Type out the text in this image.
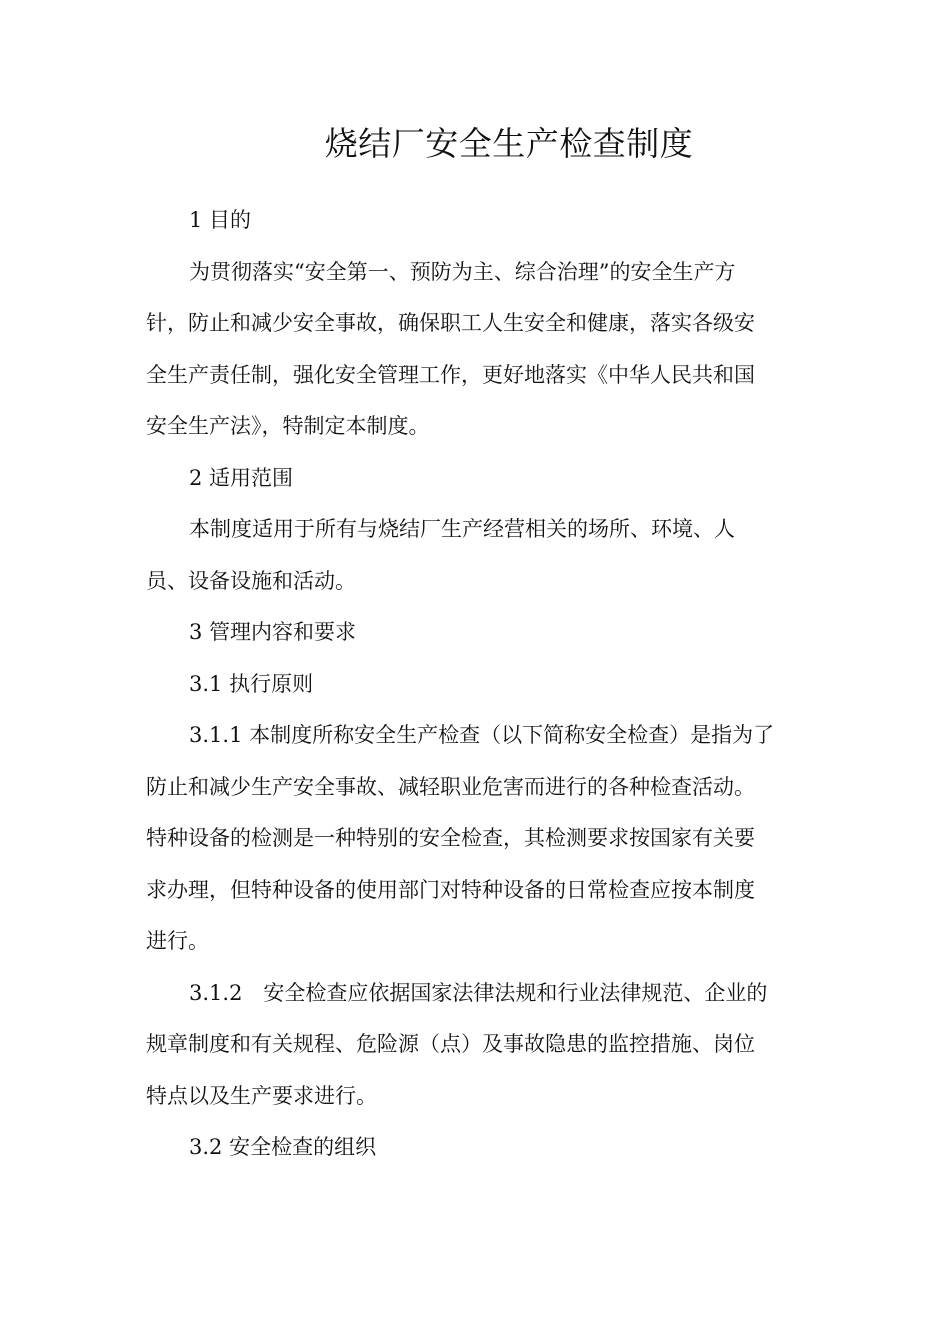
烧结厂安全生产检查制度

1 目的

为贯彻落实“安全第一、预防为主、综合治理”的安全生产方
针，防止和减少安全事故，确保职工人生安全和健康，落实各级安
全生产责任制，强化安全管理工作，更好地落实《中华人民共和国
安全生产法》，特制定本制度。

2 适用范围

本制度适用于所有与烧结厂生产经营相关的场所、环境、人
员、设备设施和活动。

3 管理内容和要求

3.1 执行原则

3.1.1 本制度所称安全生产检查（以下简称安全检查）是指为了
防止和减少生产安全事故、减轻职业危害而进行的各种检查活动。
特种设备的检测是一种特别的安全检查，其检测要求按国家有关要
求办理，但特种设备的使用部门对特种设备的日常检查应按本制度
进行。

3.1.2　安全检查应依据国家法律法规和行业法律规范、企业的
规章制度和有关规程、危险源（点）及事故隐患的监控措施、岗位
特点以及生产要求进行。

3.2 安全检查的组织
